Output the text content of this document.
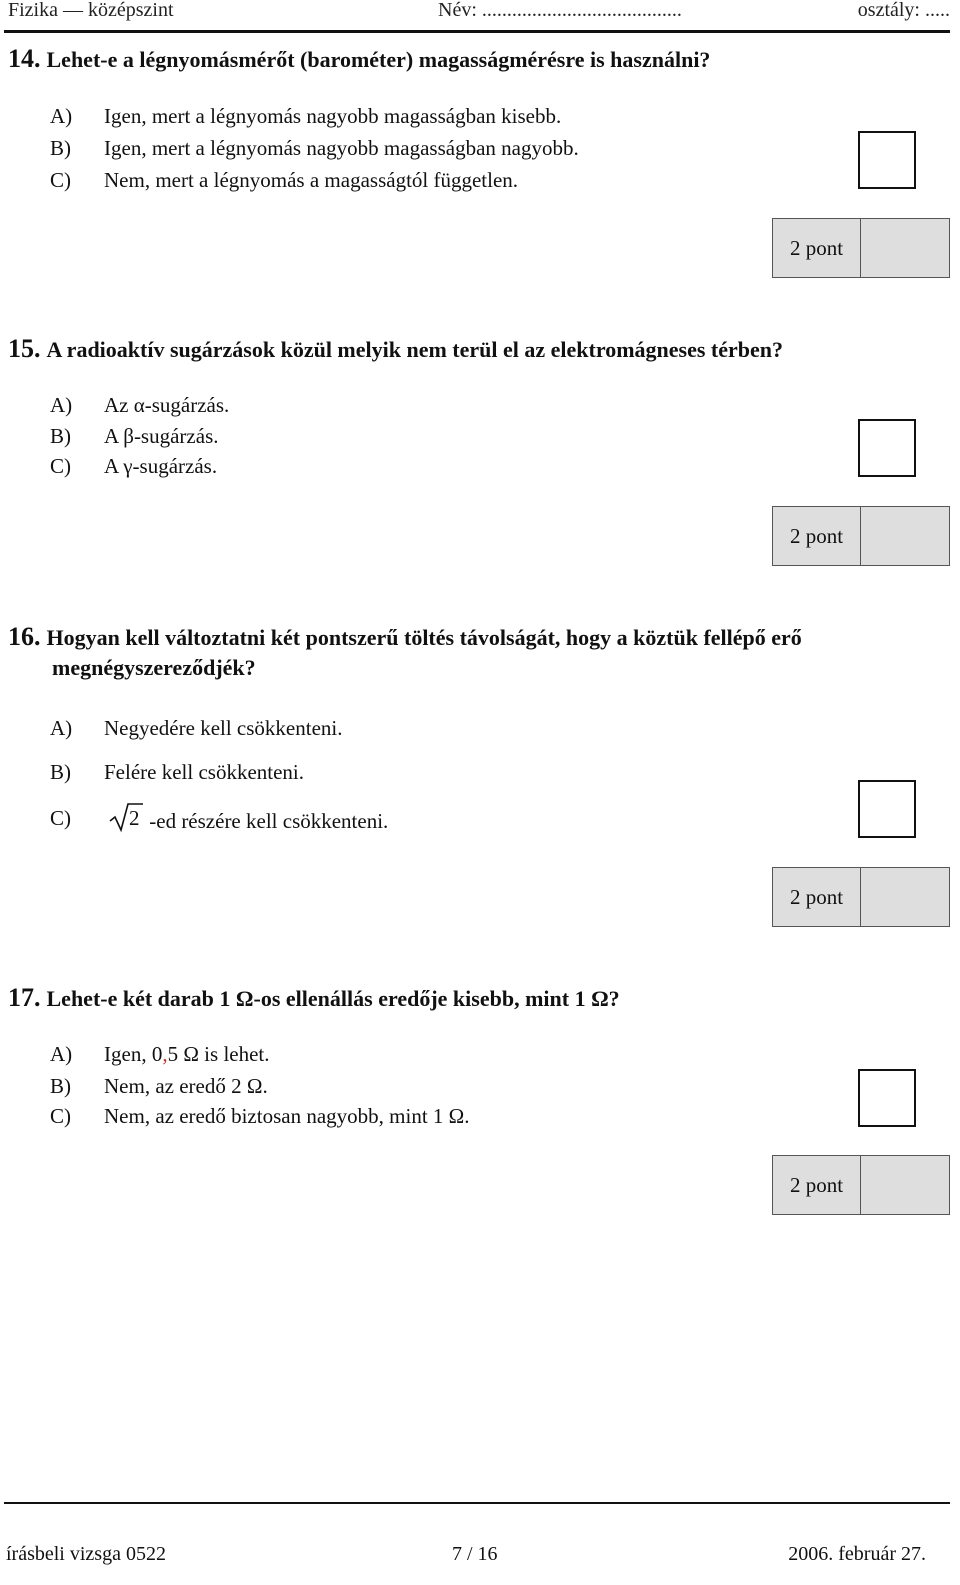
Fizika — középszint	Név: ........................................	osztály: .....
14. Lehet-e a légnyomásmérőt (barométer) magasságmérésre is használni?
A) Igen, mert a légnyomás nagyobb magasságban kisebb.
B) Igen, mert a légnyomás nagyobb magasságban nagyobb.
C) Nem, mert a légnyomás a magasságtól független.
2 pont
15. A radioaktív sugárzások közül melyik nem terül el az elektromágneses térben?
A) Az α-sugárzás.
B) A β-sugárzás.
C) A γ-sugárzás.
2 pont
16. Hogyan kell változtatni két pontszerű töltés távolságát, hogy a köztük fellépő erő
megnégyszereződjék?
A) Negyedére kell csökkenteni.
B) Felére kell csökkenteni.
C)	2 -ed részére kell csökkenteni.
2 pont
17. Lehet-e két darab 1 Ω-os ellenállás eredője kisebb, mint 1 Ω?
A) Igen, 0,5 Ω is lehet.
B) Nem, az eredő 2 Ω.
C) Nem, az eredő biztosan nagyobb, mint 1 Ω.
2 pont
írásbeli vizsga 0522	7 / 16	2006. február 27.
